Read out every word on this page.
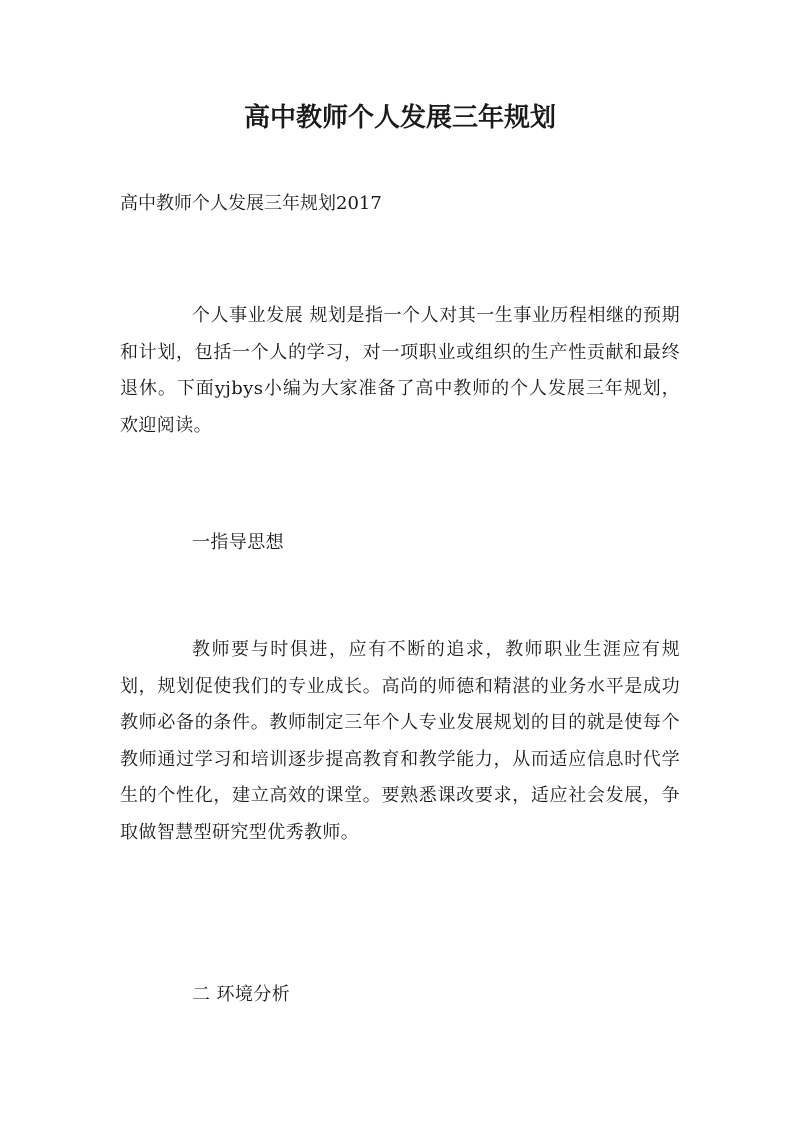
高中教师个人发展三年规划

高中教师个人发展三年规划2017

个人事业发展 规划是指一个人对其一生事业历程相继的预期和计划，包括一个人的学习，对一项职业或组织的生产性贡献和最终退休。下面yjbys小编为大家准备了高中教师的个人发展三年规划，欢迎阅读。

一指导思想

教师要与时俱进，应有不断的追求，教师职业生涯应有规划，规划促使我们的专业成长。高尚的师德和精湛的业务水平是成功教师必备的条件。教师制定三年个人专业发展规划的目的就是使每个教师通过学习和培训逐步提高教育和教学能力，从而适应信息时代学生的个性化，建立高效的课堂。要熟悉课改要求，适应社会发展，争取做智慧型研究型优秀教师。

二 环境分析
